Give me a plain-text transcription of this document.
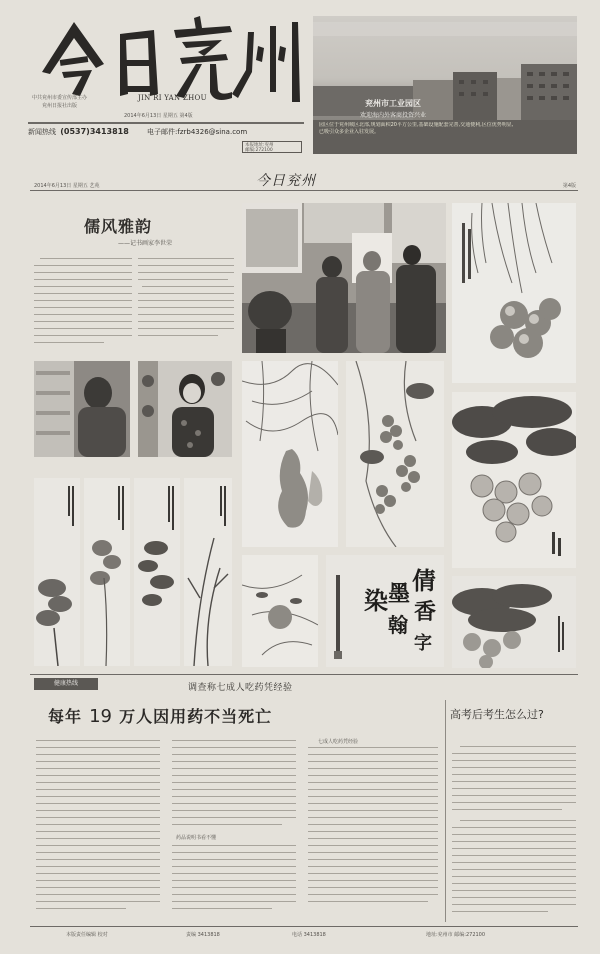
中共兖州市委宣传部主办
兖州日报社出版
JIN RI YAN ZHOU
2014年6月13日 星期五 第4版
新闻热线 (0537)3413818	电子邮件:fzrb4326@sina.com
本报地址:兖州
邮编:272100
兖州市工业园区
欢迎海内外客商投资兴业
园区位于兖州城区北部,规划面积20平方公里,基础设施配套完善,交通便利,区位优势明显,已吸引众多企业入驻发展。
2014年6月13日 星期五 艺苑	第4版
今日兖州
儒风雅韵
——记书画家李世荣
倩
墨
染 香
翰
字
健康热线	调查称七成人吃药凭经验
每年 19 万人因用药不当死亡	高考后考生怎么过?
七成人吃药凭经验
药品说明书看不懂
本版责任编辑 校对	责编 3413818	电话 3413818	地址:兖州市 邮编:272100
